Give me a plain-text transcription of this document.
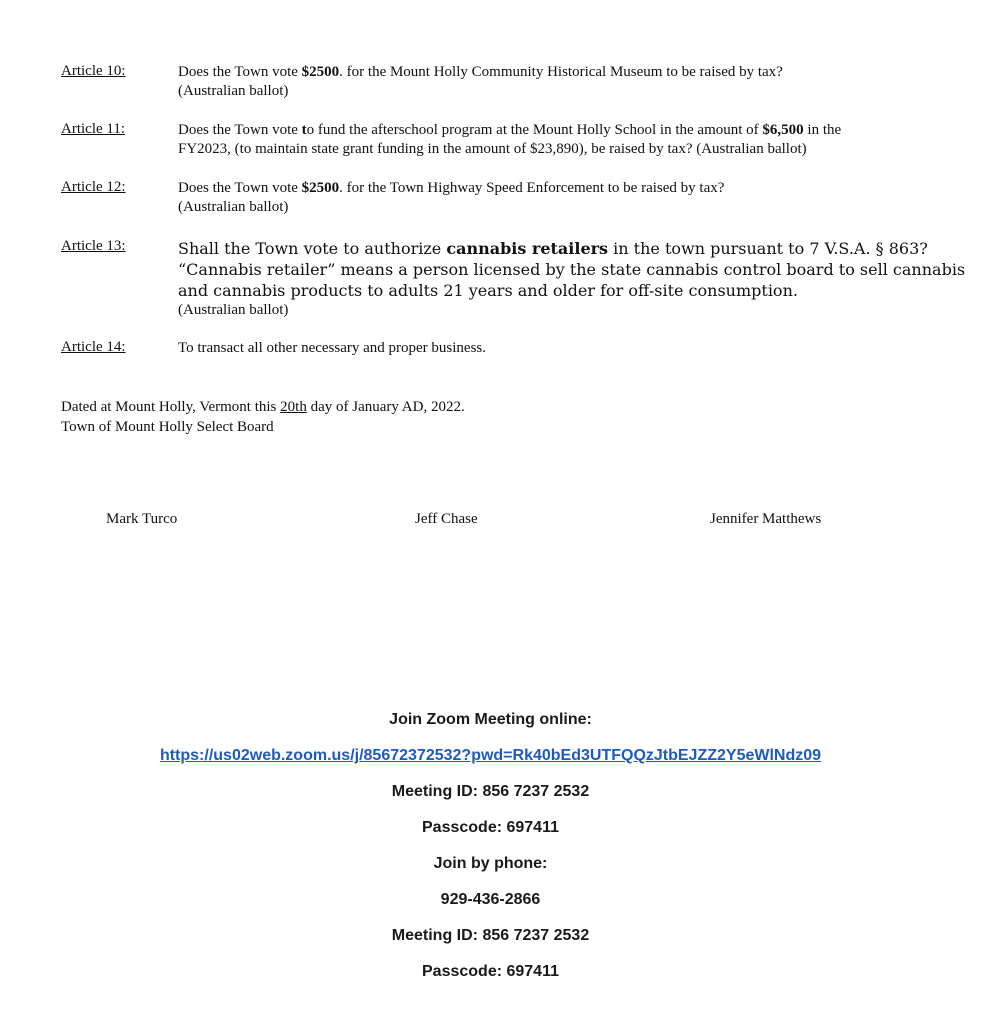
Article 10:	Does the Town vote $2500. for the Mount Holly Community Historical Museum to be raised by tax?
(Australian ballot)
Article 11:	Does the Town vote to fund the afterschool program at the Mount Holly School in the amount of $6,500 in the
FY2023, (to maintain state grant funding in the amount of $23,890), be raised by tax? (Australian ballot)
Article 12:	Does the Town vote $2500. for the Town Highway Speed Enforcement to be raised by tax?
(Australian ballot)
Article 13:	Shall the Town vote to authorize cannabis retailers in the town pursuant to 7 V.S.A. § 863?
“Cannabis retailer” means a person licensed by the state cannabis control board to sell cannabis
and cannabis products to adults 21 years and older for off-site consumption.
(Australian ballot)
Article 14:	To transact all other necessary and proper business.
Dated at Mount Holly, Vermont this 20th day of January AD, 2022.
Town of Mount Holly Select Board
Mark Turco	Jeff Chase	Jennifer Matthews
Join Zoom Meeting online:
https://us02web.zoom.us/j/85672372532?pwd=Rk40bEd3UTFQQzJtbEJZZ2Y5eWlNdz09
Meeting ID: 856 7237 2532
Passcode: 697411
Join by phone:
929-436-2866
Meeting ID: 856 7237 2532
Passcode: 697411
